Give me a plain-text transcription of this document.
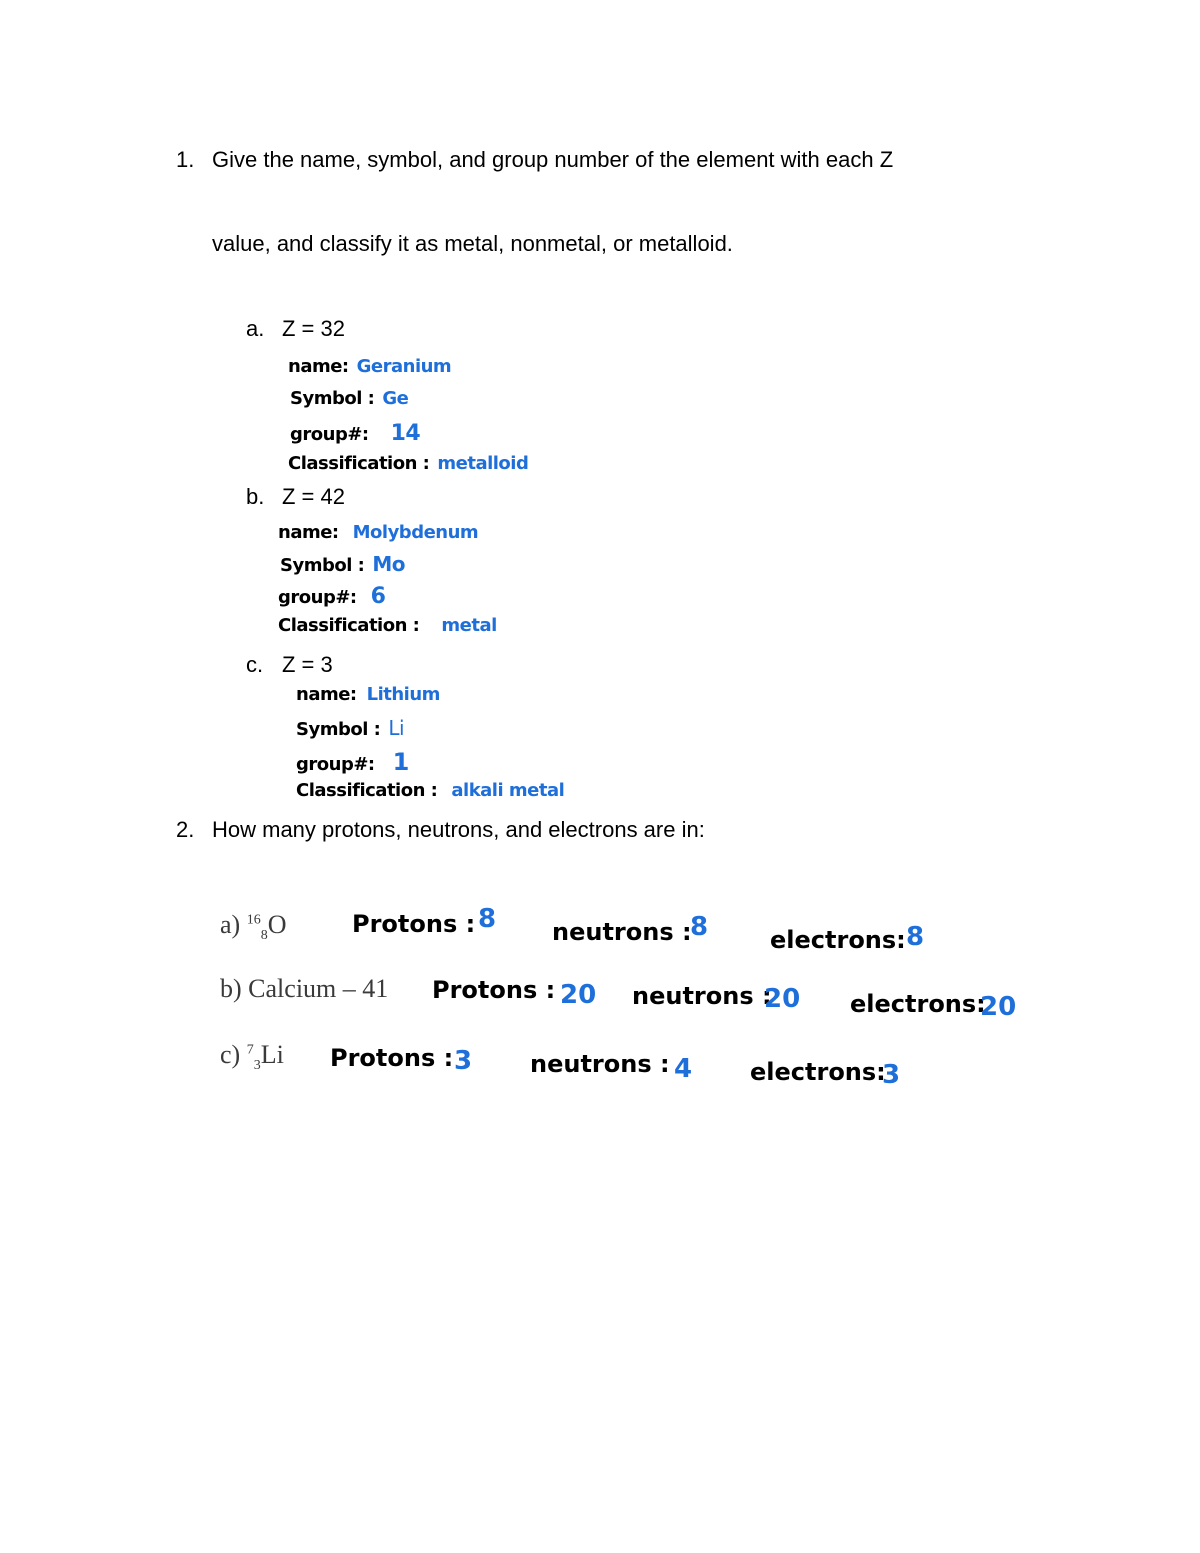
1. Give the name, symbol, and group number of the element with each Z
value, and classify it as metal, nonmetal, or metalloid.
a. Z = 32
name: Geranium
Symbol : Ge
group#: 14
Classification : metalloid
b. Z = 42
name: Molybdenum
Symbol : Mo
group#: 6
Classification : metal
c. Z = 3
name: Lithium
Symbol : Li
group#: 1
Classification : alkali metal
2. How many protons, neutrons, and electrons are in:
a) $^{16}_8$O	Protons : 8 neutrons :
8	electrons: 8
b) Calcium – 41 Protons : 20 neutrons :
20 electrons:
20
c) $^7_3$Li Protons : 3 neutrons : 4 electrons:
3
